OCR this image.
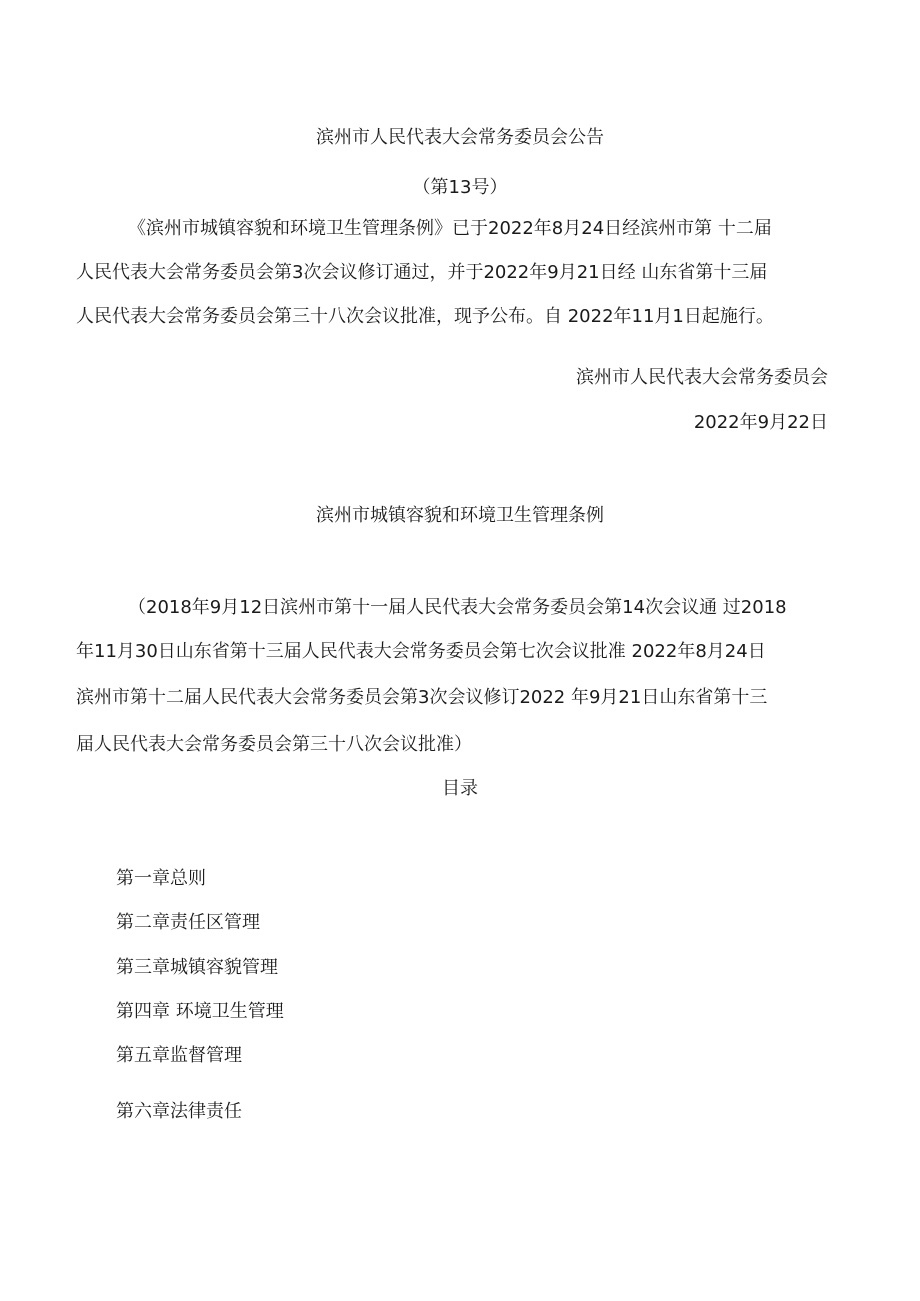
滨州市人民代表大会常务委员会公告
（第13号）
《滨州市城镇容貌和环境卫生管理条例》已于2022年8月24日经滨州市第 十二届
人民代表大会常务委员会第3次会议修订通过，并于2022年9月21日经 山东省第十三届
人民代表大会常务委员会第三十八次会议批准，现予公布。自 2022年11月1日起施行。
滨州市人民代表大会常务委员会
2022年9月22日
滨州市城镇容貌和环境卫生管理条例
（2018年9月12日滨州市第十一届人民代表大会常务委员会第14次会议通 过2018
年11月30日山东省第十三届人民代表大会常务委员会第七次会议批准 2022年8月24日
滨州市第十二届人民代表大会常务委员会第3次会议修订2022 年9月21日山东省第十三
届人民代表大会常务委员会第三十八次会议批准）
目录
第一章总则
第二章责任区管理
第三章城镇容貌管理
第四章 环境卫生管理
第五章监督管理
第六章法律责任
